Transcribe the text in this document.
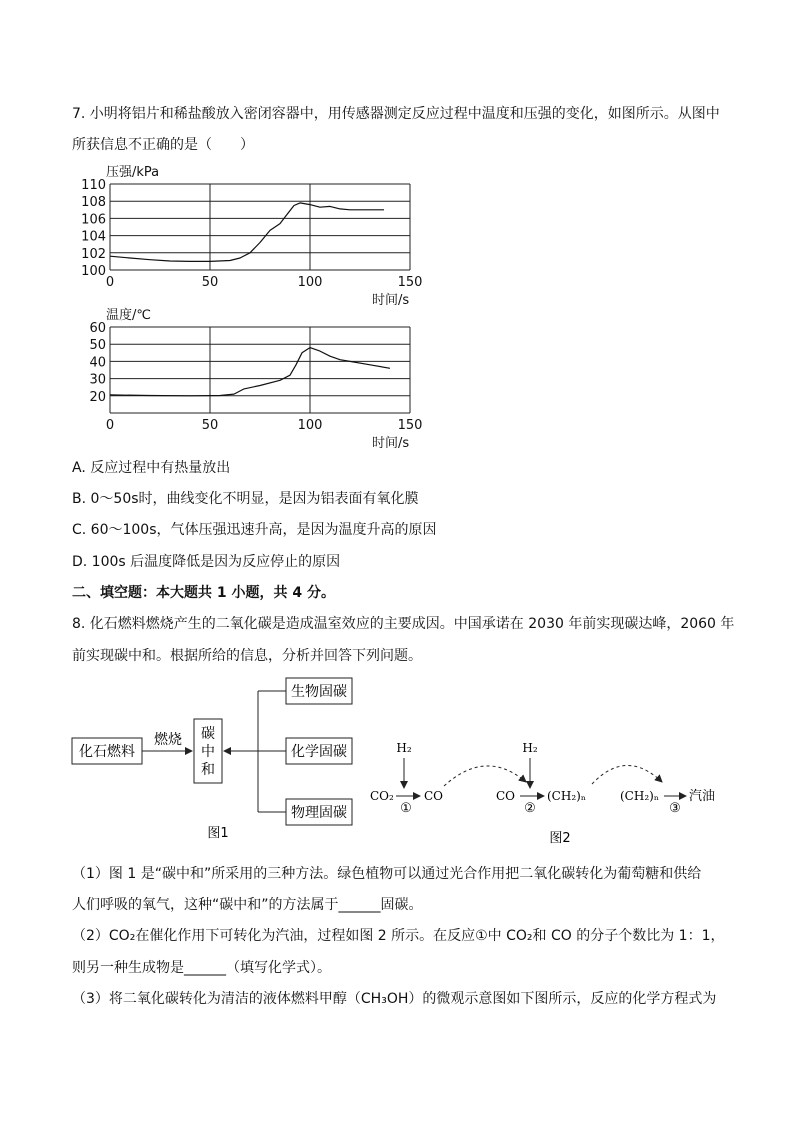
7. 小明将铝片和稀盐酸放入密闭容器中，用传感器测定反应过程中温度和压强的变化，如图所示。从图中
所获信息不正确的是（　　）
100
102
104
106
108
110
0	50	100	150
压强/kPa
时间/s
20
30
40
50
60
0	50	100	150
温度/℃
时间/s
A. 反应过程中有热量放出
B. 0～50s时，曲线变化不明显，是因为铝表面有氧化膜
C. 60～100s，气体压强迅速升高，是因为温度升高的原因
D. 100s 后温度降低是因为反应停止的原因
二、填空题：本大题共 1 小题，共 4 分。
8. 化石燃料燃烧产生的二氧化碳是造成温室效应的主要成因。中国承诺在 2030 年前实现碳达峰，2060 年
前实现碳中和。根据所给的信息，分析并回答下列问题。
化石燃料
燃烧 碳
中
和
生物固碳
化学固碳
物理固碳
图1
H₂
CO₂
①
CO
H₂
CO
②
(CH₂)ₙ	(CH₂)ₙ
③
汽油
图2
（1）图 1 是“碳中和”所采用的三种方法。绿色植物可以通过光合作用把二氧化碳转化为葡萄糖和供给
人们呼吸的氧气，这种“碳中和”的方法属于______固碳。
（2）CO₂在催化作用下可转化为汽油，过程如图 2 所示。在反应①中 CO₂和 CO 的分子个数比为 1：1，
则另一种生成物是______（填写化学式）。
（3）将二氧化碳转化为清洁的液体燃料甲醇（CH₃OH）的微观示意图如下图所示，反应的化学方程式为
